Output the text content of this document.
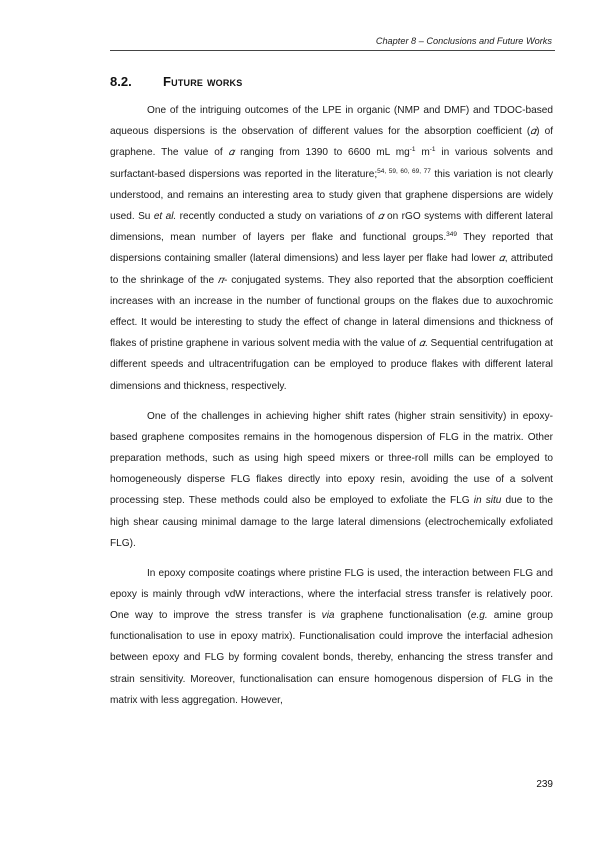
Chapter 8 – Conclusions and Future Works
8.2. Future works

One of the intriguing outcomes of the LPE in organic (NMP and DMF) and TDOC-based aqueous dispersions is the observation of different values for the absorption coefficient (𝛼) of graphene. The value of 𝛼 ranging from 1390 to 6600 mL $mg^{-1}$ $m^{-1}$ in various solvents and surfactant-based dispersions was reported in the literature;$^{54, 59, 60, 69, 77}$ this variation is not clearly understood, and remains an interesting area to study given that graphene dispersions are widely used. Su et al. recently conducted a study on variations of 𝛼 on rGO systems with different lateral dimensions, mean number of layers per flake and functional groups.$^{349}$ They reported that dispersions containing smaller (lateral dimensions) and less layer per flake had lower 𝛼, attributed to the shrinkage of the 𝜋- conjugated systems. They also reported that the absorption coefficient increases with an increase in the number of functional groups on the flakes due to auxochromic effect. It would be interesting to study the effect of change in lateral dimensions and thickness of flakes of pristine graphene in various solvent media with the value of 𝛼. Sequential centrifugation at different speeds and ultracentrifugation can be employed to produce flakes with different lateral dimensions and thickness, respectively.

One of the challenges in achieving higher shift rates (higher strain sensitivity) in epoxy-based graphene composites remains in the homogenous dispersion of FLG in the matrix. Other preparation methods, such as using high speed mixers or three-roll mills can be employed to homogeneously disperse FLG flakes directly into epoxy resin, avoiding the use of a solvent processing step. These methods could also be employed to exfoliate the FLG in situ due to the high shear causing minimal damage to the large lateral dimensions (electrochemically exfoliated FLG).

In epoxy composite coatings where pristine FLG is used, the interaction between FLG and epoxy is mainly through vdW interactions, where the interfacial stress transfer is relatively poor. One way to improve the stress transfer is via graphene functionalisation (e.g. amine group functionalisation to use in epoxy matrix). Functionalisation could improve the interfacial adhesion between epoxy and FLG by forming covalent bonds, thereby, enhancing the stress transfer and strain sensitivity. Moreover, functionalisation can ensure homogenous dispersion of FLG in the matrix with less aggregation. However,

239
